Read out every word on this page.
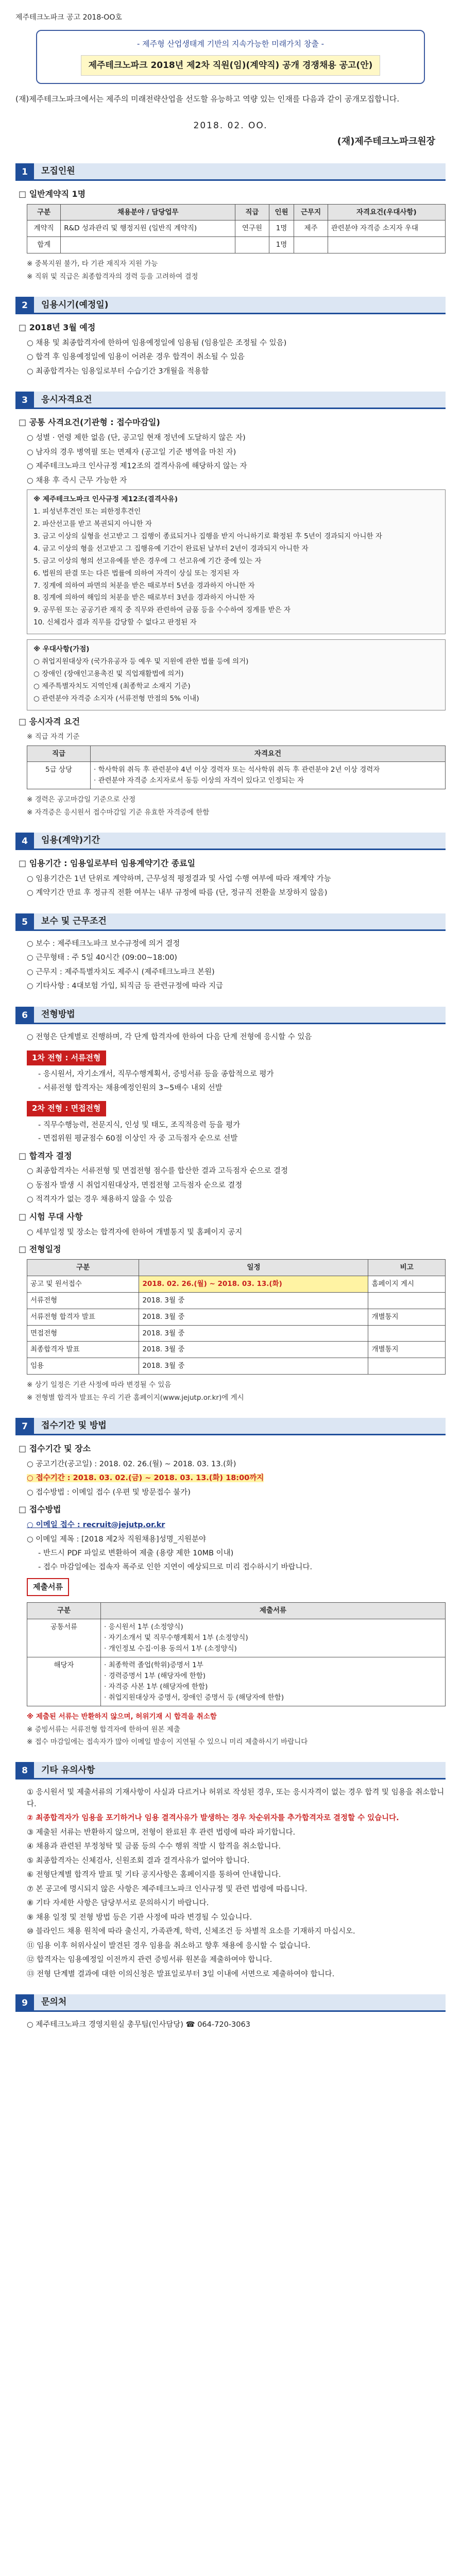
제주테크노파크 공고 2018-OO호
- 제주형 산업생태계 기반의 지속가능한 미래가치 창출 -
제주테크노파크 2018년 제2차 직원(임)(계약직) 공개 경쟁채용 공고(안)
(재)제주테크노파크에서는 제주의 미래전략산업을 선도할 유능하고 역량 있는 인재를 다음과 같이 공개모집합니다.
2018. 02. OO.
(재)제주테크노파크원장
1	모집인원
□ 일반계약직 1명
구분	채용분야 / 담당업무	직급	인원	근무지	자격요건(우대사항)
계약직	R&D 성과관리 및 행정지원 (일반직 계약직)	연구원	1명	제주	관련분야 자격증 소지자 우대
합계			1명		
※ 중복지원 불가, 타 기관 재직자 지원 가능
※ 직위 및 직급은 최종합격자의 경력 등을 고려하여 결정
2	임용시기(예정일)
□ 2018년 3월 예정
○ 채용 및 최종합격자에 한하여 임용예정일에 임용됨 (임용일은 조정될 수 있음)
○ 합격 후 임용예정일에 임용이 어려운 경우 합격이 취소될 수 있음
○ 최종합격자는 임용일로부터 수습기간 3개월을 적용함
3	응시자격요건
□ 공통 사격요건(기관형 : 접수마감일)
○ 성별 · 연령 제한 없음 (단, 공고일 현재 정년에 도달하지 않은 자)
○ 남자의 경우 병역필 또는 면제자 (공고일 기준 병역을 마친 자)
○ 제주테크노파크 인사규정 제12조의 결격사유에 해당하지 않는 자
○ 채용 후 즉시 근무 가능한 자
※ 제주테크노파크 인사규정 제12조(결격사유)
1. 피성년후견인 또는 피한정후견인
2. 파산선고를 받고 복권되지 아니한 자
3. 금고 이상의 실형을 선고받고 그 집행이 종료되거나 집행을 받지 아니하기로 확정된 후 5년이 경과되지 아니한 자
4. 금고 이상의 형을 선고받고 그 집행유예 기간이 완료된 날부터 2년이 경과되지 아니한 자
5. 금고 이상의 형의 선고유예를 받은 경우에 그 선고유예 기간 중에 있는 자
6. 법원의 판결 또는 다른 법률에 의하여 자격이 상실 또는 정지된 자
7. 징계에 의하여 파면의 처분을 받은 때로부터 5년을 경과하지 아니한 자
8. 징계에 의하여 해임의 처분을 받은 때로부터 3년을 경과하지 아니한 자
9. 공무원 또는 공공기관 재직 중 직무와 관련하여 금품 등을 수수하여 징계를 받은 자
10. 신체검사 결과 직무를 감당할 수 없다고 판정된 자
※ 우대사항(가점)
○ 취업지원대상자 (국가유공자 등 예우 및 지원에 관한 법률 등에 의거)
○ 장애인 (장애인고용촉진 및 직업재활법에 의거)
○ 제주특별자치도 지역인재 (최종학교 소재지 기준)
○ 관련분야 자격증 소지자 (서류전형 만점의 5% 이내)
□ 응시자격 요건
※ 직급 자격 기준
직급	자격요건
5급 상당	· 학사학위 취득 후 관련분야 4년 이상 경력자 또는 석사학위 취득 후 관련분야 2년 이상 경력자
· 관련분야 자격증 소지자로서 동등 이상의 자격이 있다고 인정되는 자
※ 경력은 공고마감일 기준으로 산정
※ 자격증은 응시원서 접수마감일 기준 유효한 자격증에 한함
4	임용(계약)기간
□ 임용기간 : 임용일로부터 임용계약기간 종료일
○ 임용기간은 1년 단위로 계약하며, 근무성적 평정결과 및 사업 수행 여부에 따라 재계약 가능
○ 계약기간 만료 후 정규직 전환 여부는 내부 규정에 따름 (단, 정규직 전환을 보장하지 않음)
5	보수 및 근무조건
○ 보수 : 제주테크노파크 보수규정에 의거 결정
○ 근무형태 : 주 5일 40시간 (09:00~18:00)
○ 근무지 : 제주특별자치도 제주시 (제주테크노파크 본원)
○ 기타사항 : 4대보험 가입, 퇴직금 등 관련규정에 따라 지급
6	전형방법
○ 전형은 단계별로 진행하며, 각 단계 합격자에 한하여 다음 단계 전형에 응시할 수 있음
1차 전형 : 서류전형
- 응시원서, 자기소개서, 직무수행계획서, 증빙서류 등을 종합적으로 평가
- 서류전형 합격자는 채용예정인원의 3~5배수 내외 선발
2차 전형 : 면접전형
- 직무수행능력, 전문지식, 인성 및 태도, 조직적응력 등을 평가
- 면접위원 평균점수 60점 이상인 자 중 고득점자 순으로 선발
□ 합격자 결정
○ 최종합격자는 서류전형 및 면접전형 점수를 합산한 결과 고득점자 순으로 결정
○ 동점자 발생 시 취업지원대상자, 면접전형 고득점자 순으로 결정
○ 적격자가 없는 경우 채용하지 않을 수 있음
□ 시험 무대 사항
○ 세부일정 및 장소는 합격자에 한하여 개별통지 및 홈페이지 공지
□ 전형일정
구분	일정	비고
공고 및 원서접수	2018. 02. 26.(월) ~ 2018. 03. 13.(화)	홈페이지 게시
서류전형	2018. 3월 중	
서류전형 합격자 발표	2018. 3월 중	개별통지
면접전형	2018. 3월 중	
최종합격자 발표	2018. 3월 중	개별통지
임용	2018. 3월 중	
※ 상기 일정은 기관 사정에 따라 변경될 수 있음
※ 전형별 합격자 발표는 우리 기관 홈페이지(www.jejutp.or.kr)에 게시
7	접수기간 및 방법
□ 접수기간 및 장소
○ 공고기간(공고일) : 2018. 02. 26.(월) ~ 2018. 03. 13.(화)
○ 접수기간 : 2018. 03. 02.(금) ~ 2018. 03. 13.(화) 18:00까지
○ 접수방법 : 이메일 접수 (우편 및 방문접수 불가)
□ 접수방법
○ 이메일 접수 : recruit@jejutp.or.kr
○ 이메일 제목 : [2018 제2차 직원채용]성명_지원분야
- 반드시 PDF 파일로 변환하여 제출 (용량 제한 10MB 이내)
- 접수 마감일에는 접속자 폭주로 인한 지연이 예상되므로 미리 접수하시기 바랍니다.
제출서류
구분	제출서류
공통서류	· 응시원서 1부 (소정양식)
· 자기소개서 및 직무수행계획서 1부 (소정양식)
· 개인정보 수집·이용 동의서 1부 (소정양식)
해당자	· 최종학력 졸업(학위)증명서 1부
· 경력증명서 1부 (해당자에 한함)
· 자격증 사본 1부 (해당자에 한함)
· 취업지원대상자 증명서, 장애인 증명서 등 (해당자에 한함)
※ 제출된 서류는 반환하지 않으며, 허위기재 시 합격을 취소함
※ 증빙서류는 서류전형 합격자에 한하여 원본 제출
※ 접수 마감일에는 접속자가 많아 이메일 발송이 지연될 수 있으니 미리 제출하시기 바랍니다
8	기타 유의사항
① 응시원서 및 제출서류의 기재사항이 사실과 다르거나 허위로 작성된 경우, 또는 응시자격이 없는 경우 합격 및 임용을 취소합니다.
② 최종합격자가 임용을 포기하거나 임용 결격사유가 발생하는 경우 차순위자를 추가합격자로 결정할 수 있습니다.
③ 제출된 서류는 반환하지 않으며, 전형이 완료된 후 관련 법령에 따라 파기합니다.
④ 채용과 관련된 부정청탁 및 금품 등의 수수 행위 적발 시 합격을 취소합니다.
⑤ 최종합격자는 신체검사, 신원조회 결과 결격사유가 없어야 합니다.
⑥ 전형단계별 합격자 발표 및 기타 공지사항은 홈페이지를 통하여 안내합니다.
⑦ 본 공고에 명시되지 않은 사항은 제주테크노파크 인사규정 및 관련 법령에 따릅니다.
⑧ 기타 자세한 사항은 담당부서로 문의하시기 바랍니다.
⑨ 채용 일정 및 전형 방법 등은 기관 사정에 따라 변경될 수 있습니다.
⑩ 블라인드 채용 원칙에 따라 출신지, 가족관계, 학력, 신체조건 등 차별적 요소를 기재하지 마십시오.
⑪ 임용 이후 허위사실이 발견된 경우 임용을 취소하고 향후 채용에 응시할 수 없습니다.
⑫ 합격자는 임용예정일 이전까지 관련 증빙서류 원본을 제출하여야 합니다.
⑬ 전형 단계별 결과에 대한 이의신청은 발표일로부터 3일 이내에 서면으로 제출하여야 합니다.
9	문의처
○ 제주테크노파크 경영지원실 총무팀(인사담당) ☎ 064-720-3063
